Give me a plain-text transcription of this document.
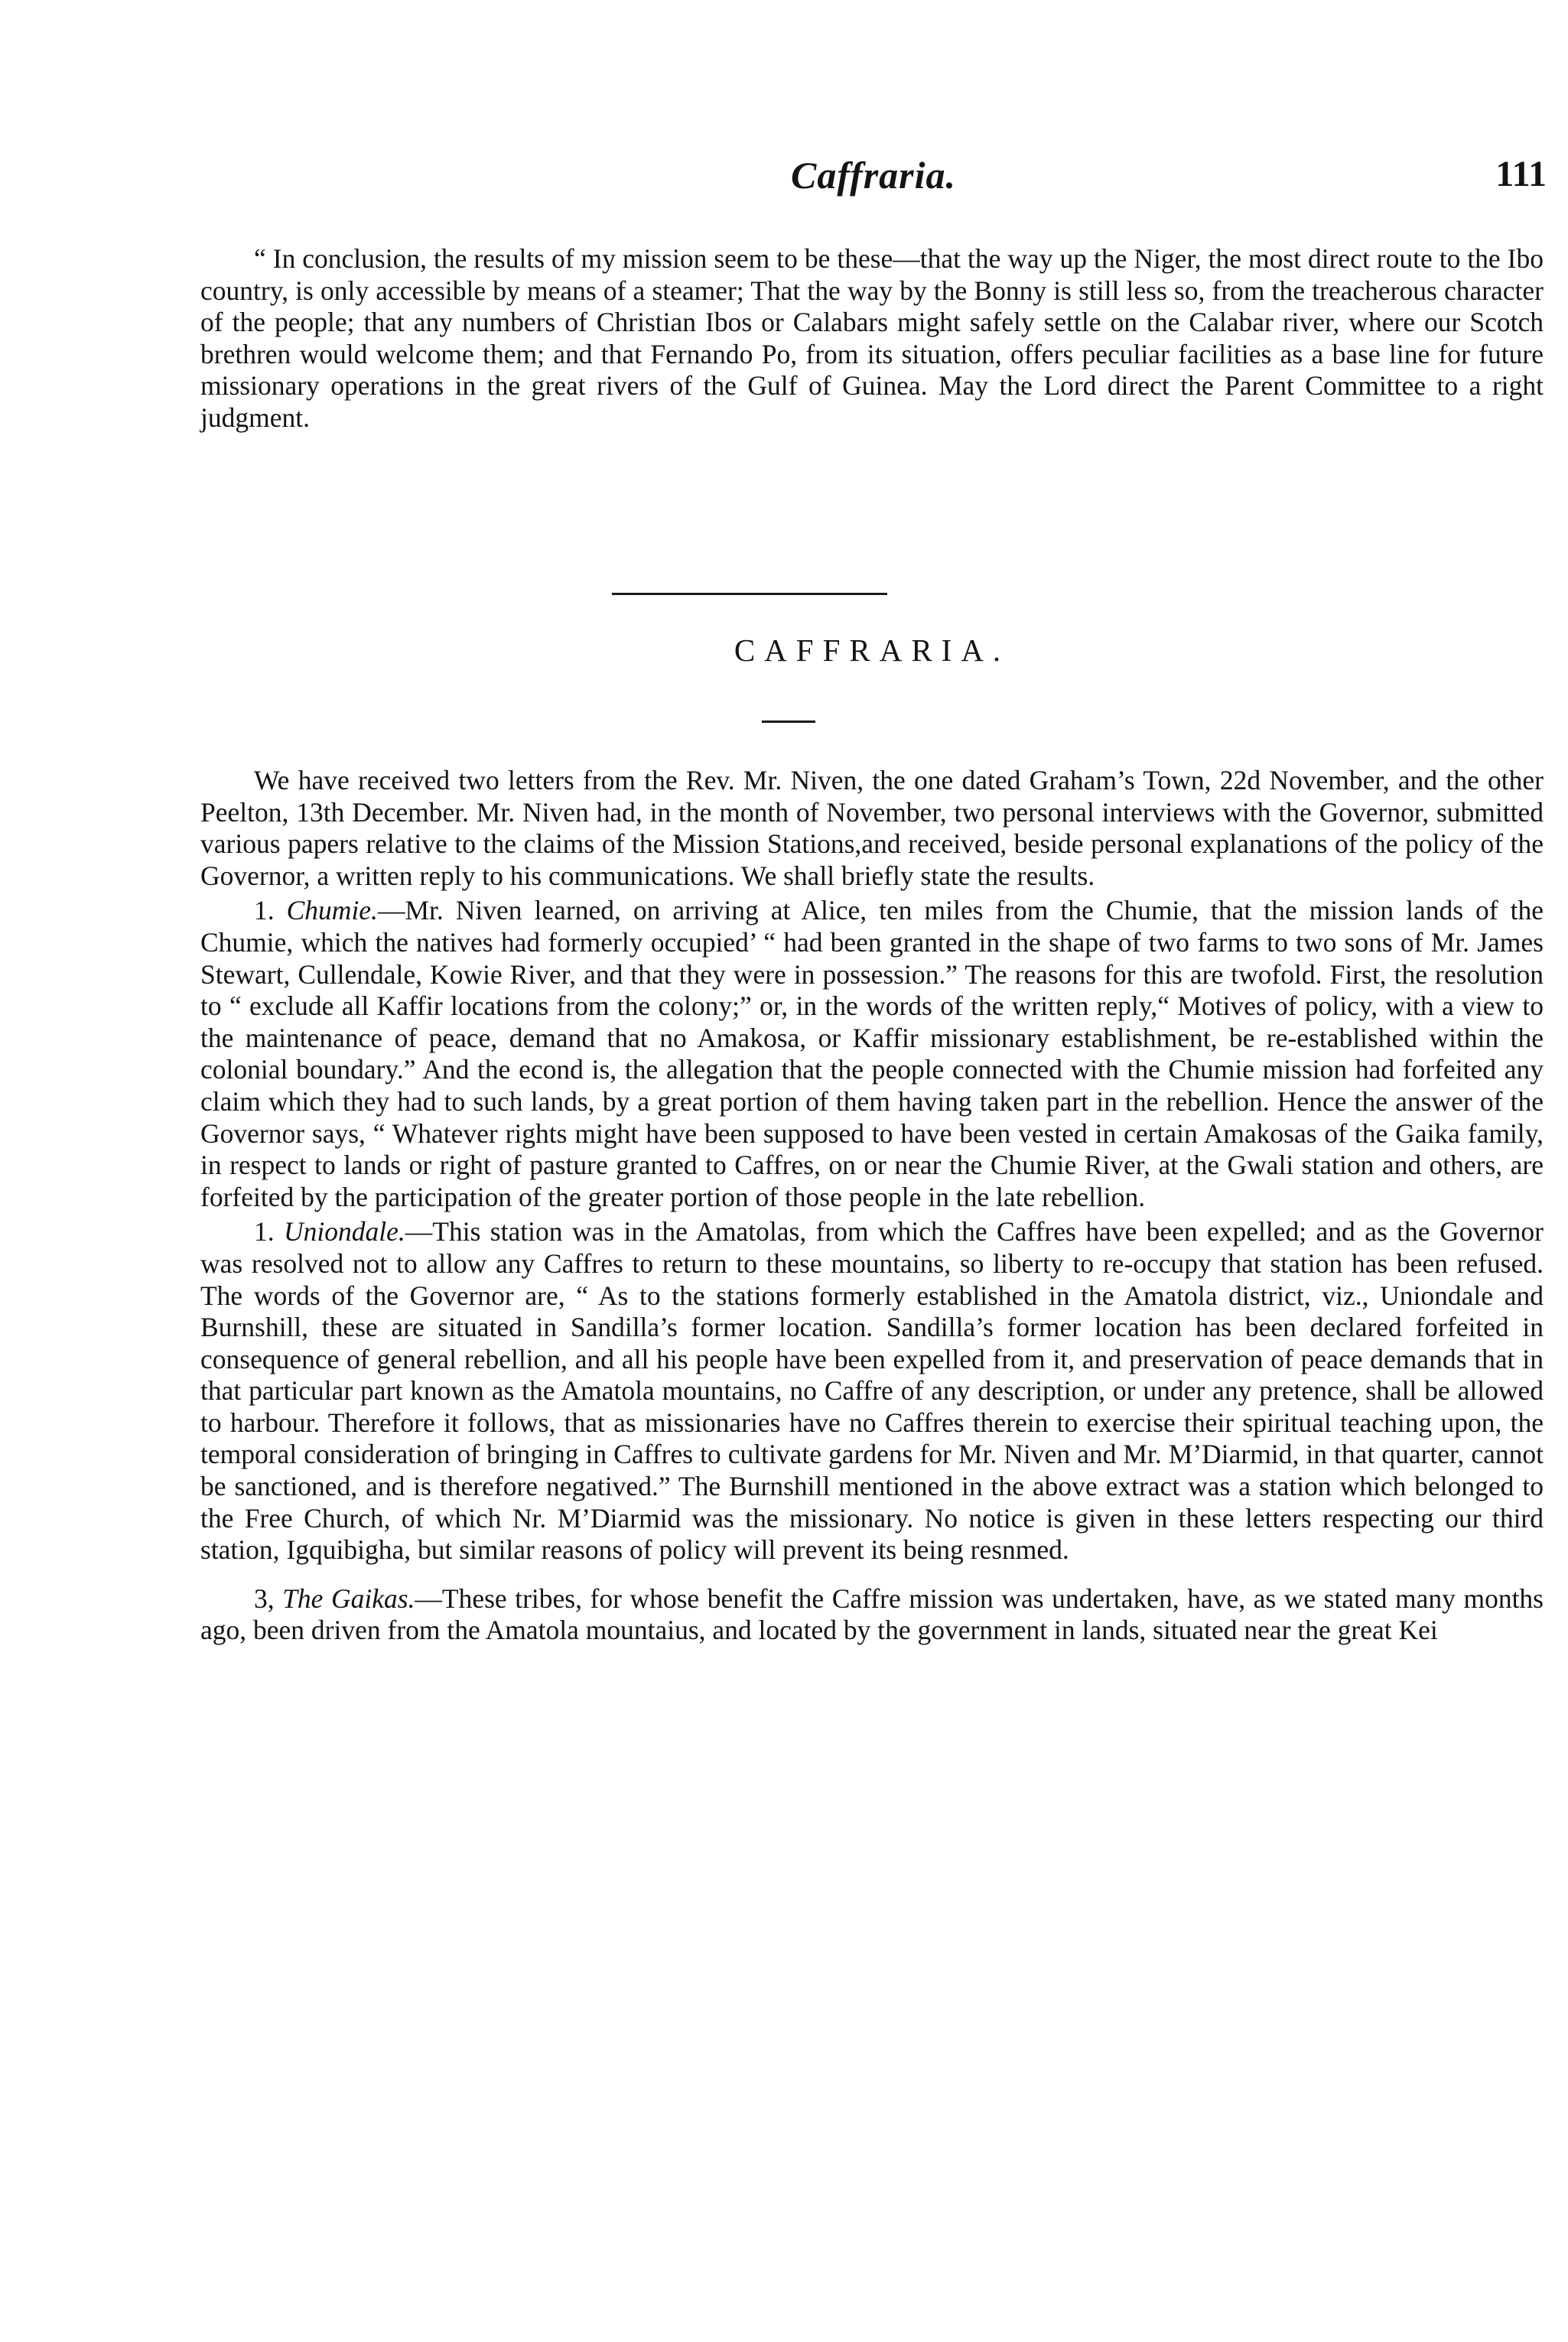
Caffraria.	111

“ In conclusion, the results of my mission seem to be these—that the way up the Niger, the most direct route to the Ibo country, is only accessible by means of a steamer; That the way by the Bonny is still less so, from the treacherous character of the people; that any numbers of Christian Ibos or Calabars might safely settle on the Calabar river, where our Scotch brethren would welcome them; and that Fernando Po, from its situation, offers peculiar facilities as a base line for future missionary operations in the great rivers of the Gulf of Guinea. May the Lord direct the Parent Committee to a right judgment.

CAFFRARIA.

We have received two letters from the Rev. Mr. Niven, the one dated Graham’s Town, 22d November, and the other Peelton, 13th December. Mr. Niven had, in the month of November, two personal interviews with the Governor, submitted various papers relative to the claims of the Mission Stations,and received, beside personal explanations of the policy of the Governor, a written reply to his communications. We shall briefly state the results.

1. Chumie.—Mr. Niven learned, on arriving at Alice, ten miles from the Chumie, that the mission lands of the Chumie, which the natives had formerly occupied’ “ had been granted in the shape of two farms to two sons of Mr. James Stewart, Cullendale, Kowie River, and that they were in possession.” The reasons for this are twofold. First, the resolution to “ exclude all Kaffir locations from the colony;” or, in the words of the written reply,“ Motives of policy, with a view to the maintenance of peace, demand that no Amakosa, or Kaffir missionary establishment, be re-established within the colonial boundary.” And the econd is, the allegation that the people connected with the Chumie mission had forfeited any claim which they had to such lands, by a great portion of them having taken part in the rebellion. Hence the answer of the Governor says, “ Whatever rights might have been supposed to have been vested in certain Amakosas of the Gaika family, in respect to lands or right of pasture granted to Caffres, on or near the Chumie River, at the Gwali station and others, are forfeited by the participation of the greater portion of those people in the late rebellion.

1. Uniondale.—This station was in the Amatolas, from which the Caffres have been expelled; and as the Governor was resolved not to allow any Caffres to return to these mountains, so liberty to re-occupy that station has been refused. The words of the Governor are, “ As to the stations formerly established in the Amatola district, viz., Uniondale and Burnshill, these are situated in Sandilla’s former location. Sandilla’s former location has been declared forfeited in consequence of general rebellion, and all his people have been expelled from it, and preservation of peace demands that in that particular part known as the Amatola mountains, no Caffre of any description, or under any pretence, shall be allowed to harbour. Therefore it follows, that as missionaries have no Caffres therein to exercise their spiritual teaching upon, the temporal consideration of bringing in Caffres to cultivate gardens for Mr. Niven and Mr. M’Diarmid, in that quarter, cannot be sanctioned, and is therefore negatived.” The Burnshill mentioned in the above extract was a station which belonged to the Free Church, of which Nr. M’Diarmid was the missionary. No notice is given in these letters respecting our third station, Igquibigha, but similar reasons of policy will prevent its being resnmed.

3, The Gaikas.—These tribes, for whose benefit the Caffre mission was undertaken, have, as we stated many months ago, been driven from the Amatola mountaius, and located by the government in lands, situated near the great Kei
